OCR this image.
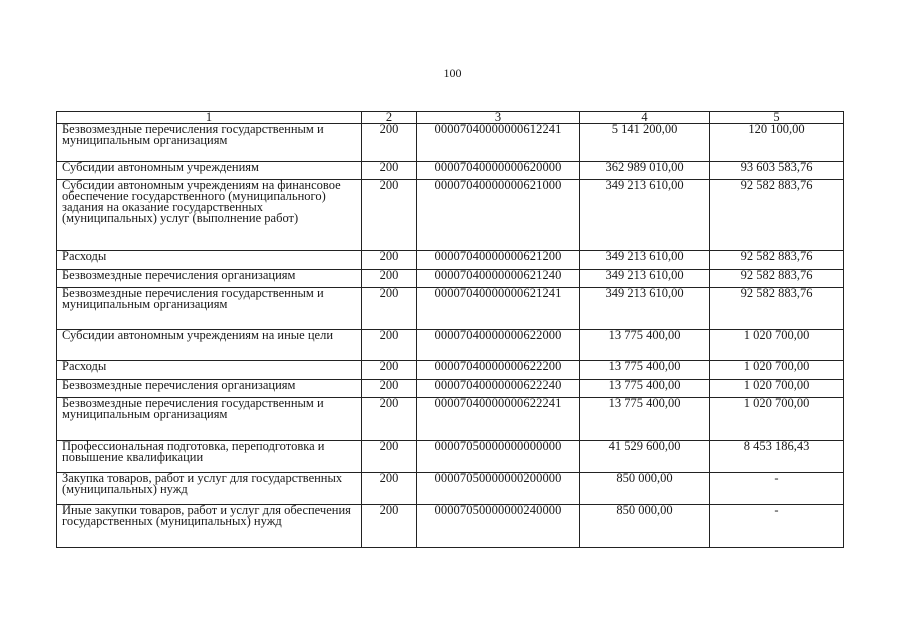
100
1	2	3	4	5
Безвозмездные перечисления государственным и муниципальным организациям	200	00007040000000612241	5 141 200,00	120 100,00
Субсидии автономным учреждениям	200	00007040000000620000	362 989 010,00	93 603 583,76
Субсидии автономным учреждениям на финансовое обеспечение государственного (муниципального) задания на оказание государственных (муниципальных) услуг (выполнение работ)	200	00007040000000621000	349 213 610,00	92 582 883,76
Расходы	200	00007040000000621200	349 213 610,00	92 582 883,76
Безвозмездные перечисления организациям	200	00007040000000621240	349 213 610,00	92 582 883,76
Безвозмездные перечисления государственным и муниципальным организациям	200	00007040000000621241	349 213 610,00	92 582 883,76
Субсидии автономным учреждениям на иные цели	200	00007040000000622000	13 775 400,00	1 020 700,00
Расходы	200	00007040000000622200	13 775 400,00	1 020 700,00
Безвозмездные перечисления организациям	200	00007040000000622240	13 775 400,00	1 020 700,00
Безвозмездные перечисления государственным и муниципальным организациям	200	00007040000000622241	13 775 400,00	1 020 700,00
Профессиональная подготовка, переподготовка и повышение квалификации	200	00007050000000000000	41 529 600,00	8 453 186,43
Закупка товаров, работ и услуг для государственных (муниципальных) нужд	200	00007050000000200000	850 000,00	-
Иные закупки товаров, работ и услуг для обеспечения государственных (муниципальных) нужд	200	00007050000000240000	850 000,00	-
